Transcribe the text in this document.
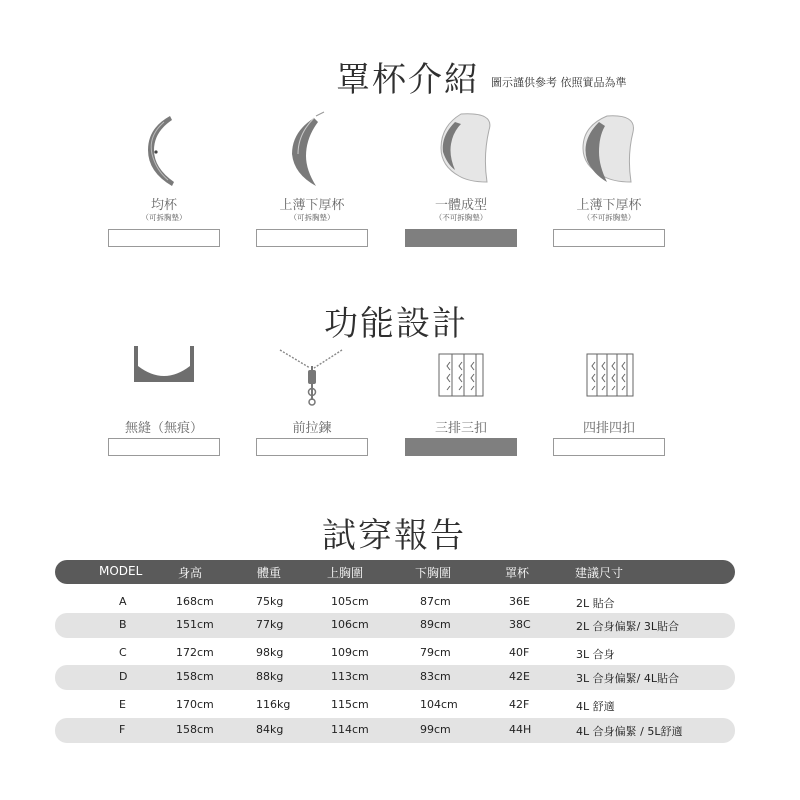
罩杯介紹 圖示謹供參考 依照實品為準
均杯
（可拆胸墊）
上薄下厚杯
（可拆胸墊）
一體成型
（不可拆胸墊）
上薄下厚杯
（不可拆胸墊）
功能設計
無縫（無痕）	前拉鍊	三排三扣	四排四扣
試穿報告
MODEL	身高	體重	上胸圍	下胸圍	罩杯	建議尺寸
A	168cm	75kg	105cm	87cm	36E	2L 貼合
B	151cm	77kg	106cm	89cm	38C	2L 合身偏緊/ 3L貼合
C	172cm	98kg	109cm	79cm	40F	3L 合身
D	158cm	88kg	113cm	83cm	42E	3L 合身偏緊/ 4L貼合
E	170cm	116kg	115cm	104cm	42F	4L 舒適
F	158cm	84kg	114cm	99cm	44H	4L 合身偏緊 / 5L舒適
